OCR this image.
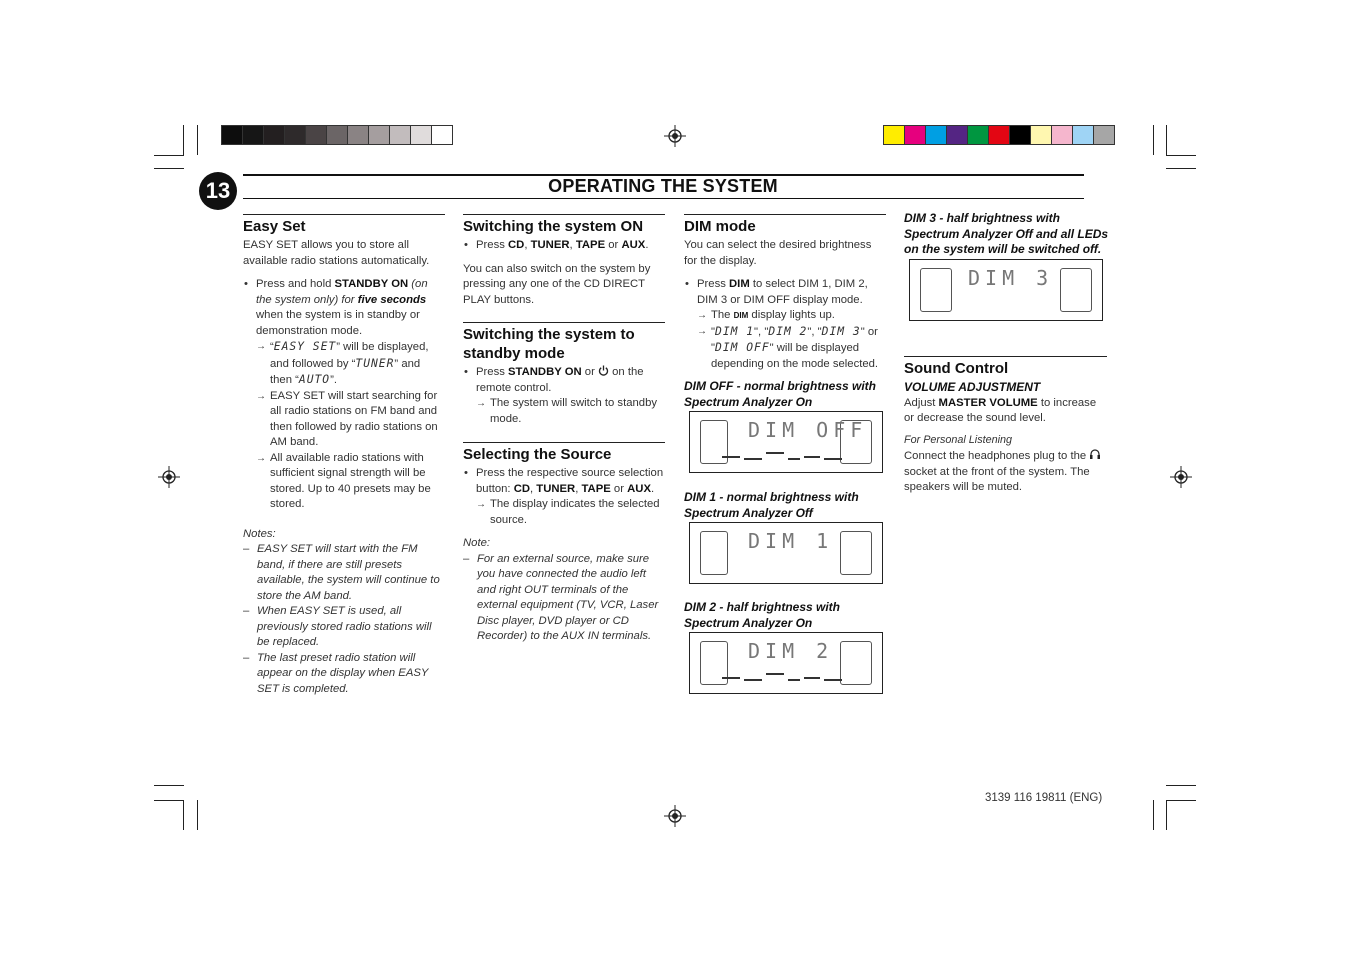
13	OPERATING THE SYSTEM
Easy Set

EASY SET allows you to store all available radio stations automatically.

• Press and hold STANDBY ON (on the system only) for five seconds when the system is in standby or demonstration mode.
→ “EASY SET” will be displayed, and followed by “TUNER” and then “AUTO”.
→ EASY SET will start searching for all radio stations on FM band and then followed by radio stations on AM band.
→ All available radio stations with sufficient signal strength will be stored. Up to 40 presets may be stored.
Notes:
– EASY SET will start with the FM band, if there are still presets available, the system will continue to store the AM band.
– When EASY SET is used, all previously stored radio stations will be replaced.
– The last preset radio station will appear on the display when EASY SET is completed.
Switching the system ON
• Press CD, TUNER, TAPE or AUX.

You can also switch on the system by pressing any one of the CD DIRECT PLAY buttons.

Switching the system to standby mode
• Press STANDBY ON or  on the remote control.
→ The system will switch to standby mode.
Selecting the Source
• Press the respective source selection button: CD, TUNER, TAPE or AUX.
→ The display indicates the selected source.
Note:
– For an external source, make sure you have connected the audio left and right OUT terminals of the external equipment (TV, VCR, Laser Disc player, DVD player or CD Recorder) to the AUX IN terminals.
DIM mode

You can select the desired brightness for the display.

• Press DIM to select DIM 1, DIM 2, DIM 3 or DIM OFF display mode.
→ The DIM display lights up.
→ "DIM 1", "DIM 2", "DIM 3" or "DIM OFF" will be displayed depending on the mode selected.
DIM OFF - normal brightness with Spectrum Analyzer On
DIM OFF
DIM 1 - normal brightness with Spectrum Analyzer Off
DIM 1
DIM 2 - half brightness with Spectrum Analyzer On
DIM 2
DIM 3 - half brightness with Spectrum Analyzer Off and all LEDs on the system will be switched off.
DIM 3
Sound Control
VOLUME ADJUSTMENT

Adjust MASTER VOLUME to increase or decrease the sound level.

For Personal Listening

Connect the headphones plug to the  socket at the front of the system. The speakers will be muted.

3139 116 19811 (ENG)
